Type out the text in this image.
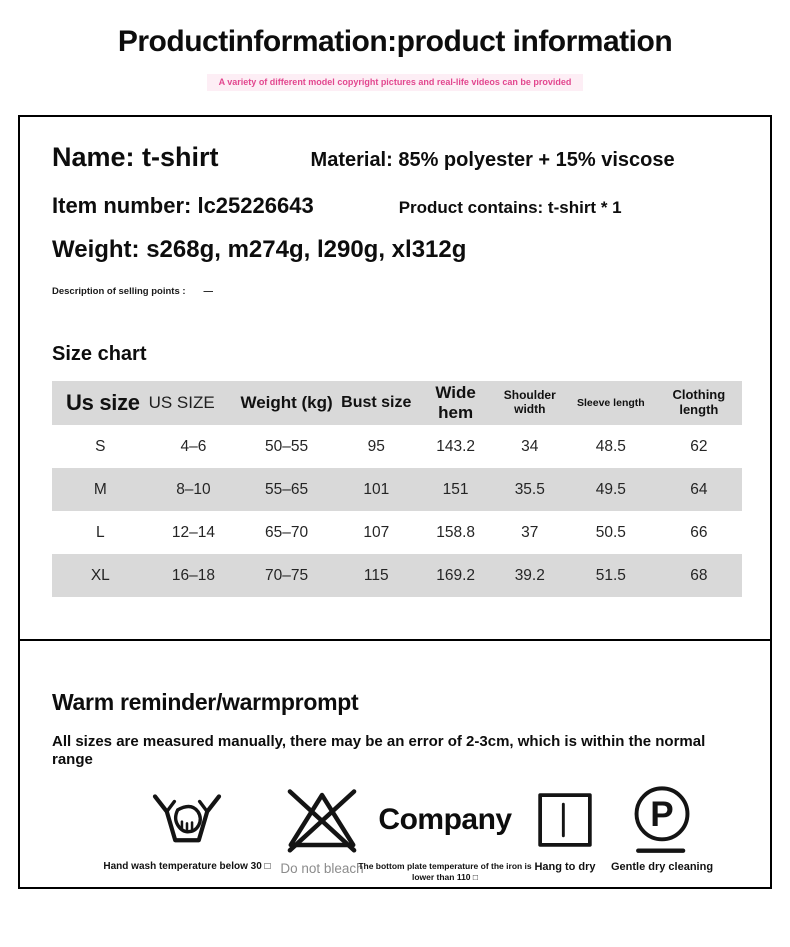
Productinformation:product information
A variety of different model copyright pictures and real-life videos can be provided
Name: t-shirt	Material: 85% polyester + 15% viscose
Item number: lc25226643	Product contains: t-shirt * 1
Weight: s268g, m274g, l290g, xl312g
Description of selling points : —
Size chart
Us size	US SIZE	Weight (kg)	Bust size	Wide hem	Shoulder width	Sleeve length	Clothing length
S	4–6	50–55	95	143.2	34	48.5	62
M	8–10	55–65	101	151	35.5	49.5	64
L	12–14	65–70	107	158.8	37	50.5	66
XL	16–18	70–75	115	169.2	39.2	51.5	68
Warm reminder/warmprompt
All sizes are measured manually, there may be an error of 2-3cm, which is within the normal range
Hand wash temperature below 30 □ Do not bleach
Company
The bottom plate temperature of the iron is lower than 110 □
Hang to dry
P
Gentle dry cleaning
